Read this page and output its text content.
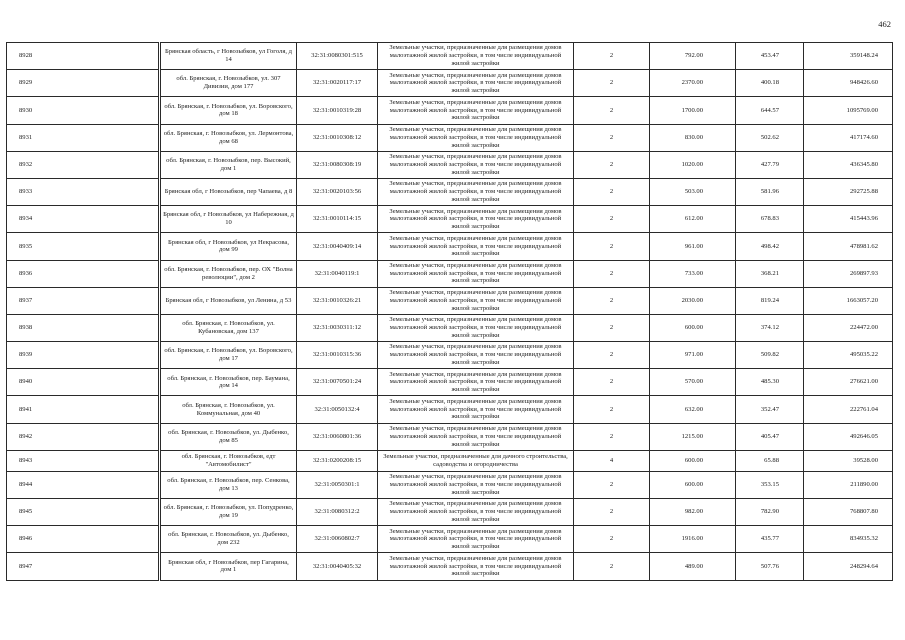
462
8928		Брянская область, г Новозыбков, ул Гоголя, д 14	32:31:0080301:515	Земельные участки, предназначенные для размещения домов малоэтажной жилой застройки, в том числе индивидуальной жилой застройки	2	792.00	453.47	359148.24
8929		обл. Брянская, г. Новозыбков, ул. 307 Дивизии, дом 177	32:31:0020117:17	Земельные участки, предназначенные для размещения домов малоэтажной жилой застройки, в том числе индивидуальной жилой застройки	2	2370.00	400.18	948426.60
8930		обл. Брянская, г. Новозыбков, ул. Воровского, дом 18	32:31:0010319:28	Земельные участки, предназначенные для размещения домов малоэтажной жилой застройки, в том числе индивидуальной жилой застройки	2	1700.00	644.57	1095769.00
8931		обл. Брянская, г. Новозыбков, ул. Лермонтова, дом 68	32:31:0010308:12	Земельные участки, предназначенные для размещения домов малоэтажной жилой застройки, в том числе индивидуальной жилой застройки	2	830.00	502.62	417174.60
8932		обл. Брянская, г. Новозыбков, пер. Высокий, дом 1	32:31:0080308:19	Земельные участки, предназначенные для размещения домов малоэтажной жилой застройки, в том числе индивидуальной жилой застройки	2	1020.00	427.79	436345.80
8933		Брянская обл, г Новозыбков, пер Чапаева, д 8	32:31:0020103:56	Земельные участки, предназначенные для размещения домов малоэтажной жилой застройки, в том числе индивидуальной жилой застройки	2	503.00	581.96	292725.88
8934		Брянская обл, г Новозыбков, ул Набережная, д 10	32:31:0010114:15	Земельные участки, предназначенные для размещения домов малоэтажной жилой застройки, в том числе индивидуальной жилой застройки	2	612.00	678.83	415443.96
8935		Брянская обл, г Новозыбков, ул Некрасова, дом 99	32:31:0040409:14	Земельные участки, предназначенные для размещения домов малоэтажной жилой застройки, в том числе индивидуальной жилой застройки	2	961.00	498.42	478981.62
8936		обл. Брянская, г. Новозыбков, пер. ОХ "Волна революции", дом 2	32:31:0040119:1	Земельные участки, предназначенные для размещения домов малоэтажной жилой застройки, в том числе индивидуальной жилой застройки	2	733.00	368.21	269897.93
8937		Брянская обл, г Новозыбков, ул Ленина, д 53	32:31:0010326:21	Земельные участки, предназначенные для размещения домов малоэтажной жилой застройки, в том числе индивидуальной жилой застройки	2	2030.00	819.24	1663057.20
8938		обл. Брянская, г. Новозыбков, ул. Кубановская, дом 137	32:31:0030311:12	Земельные участки, предназначенные для размещения домов малоэтажной жилой застройки, в том числе индивидуальной жилой застройки	2	600.00	374.12	224472.00
8939		обл. Брянская, г. Новозыбков, ул. Воровского, дом 17	32:31:0010315:36	Земельные участки, предназначенные для размещения домов малоэтажной жилой застройки, в том числе индивидуальной жилой застройки	2	971.00	509.82	495035.22
8940		обл. Брянская, г. Новозыбков, пер. Баумана, дом 14	32:31:0070501:24	Земельные участки, предназначенные для размещения домов малоэтажной жилой застройки, в том числе индивидуальной жилой застройки	2	570.00	485.30	276621.00
8941		обл. Брянская, г. Новозыбков, ул. Коммунальная, дом 40	32:31:0050132:4	Земельные участки, предназначенные для размещения домов малоэтажной жилой застройки, в том числе индивидуальной жилой застройки	2	632.00	352.47	222761.04
8942		обл. Брянская, г. Новозыбков, ул. Дыбенко, дом 85	32:31:0060801:36	Земельные участки, предназначенные для размещения домов малоэтажной жилой застройки, в том числе индивидуальной жилой застройки	2	1215.00	405.47	492646.05
8943		обл. Брянская, г. Новозыбков, едт "Автомобилист"	32:31:0200208:15	Земельные участки, предназначенные для дачного строительства, садоводства и огородничества	4	600.00	65.88	39528.00
8944		обл. Брянская, г. Новозыбков, пер. Сенкова, дом 13	32:31:0050301:1	Земельные участки, предназначенные для размещения домов малоэтажной жилой застройки, в том числе индивидуальной жилой застройки	2	600.00	353.15	211890.00
8945		обл. Брянская, г. Новозыбков, ул. Попудренко, дом 19	32:31:0080312:2	Земельные участки, предназначенные для размещения домов малоэтажной жилой застройки, в том числе индивидуальной жилой застройки	2	982.00	782.90	768807.80
8946		обл. Брянская, г. Новозыбков, ул. Дыбенко, дом 232	32:31:0060802:7	Земельные участки, предназначенные для размещения домов малоэтажной жилой застройки, в том числе индивидуальной жилой застройки	2	1916.00	435.77	834935.32
8947		Брянская обл, г Новозыбков, пер Гагарина, дом 1	32:31:0040405:32	Земельные участки, предназначенные для размещения домов малоэтажной жилой застройки, в том числе индивидуальной жилой застройки	2	489.00	507.76	248294.64
